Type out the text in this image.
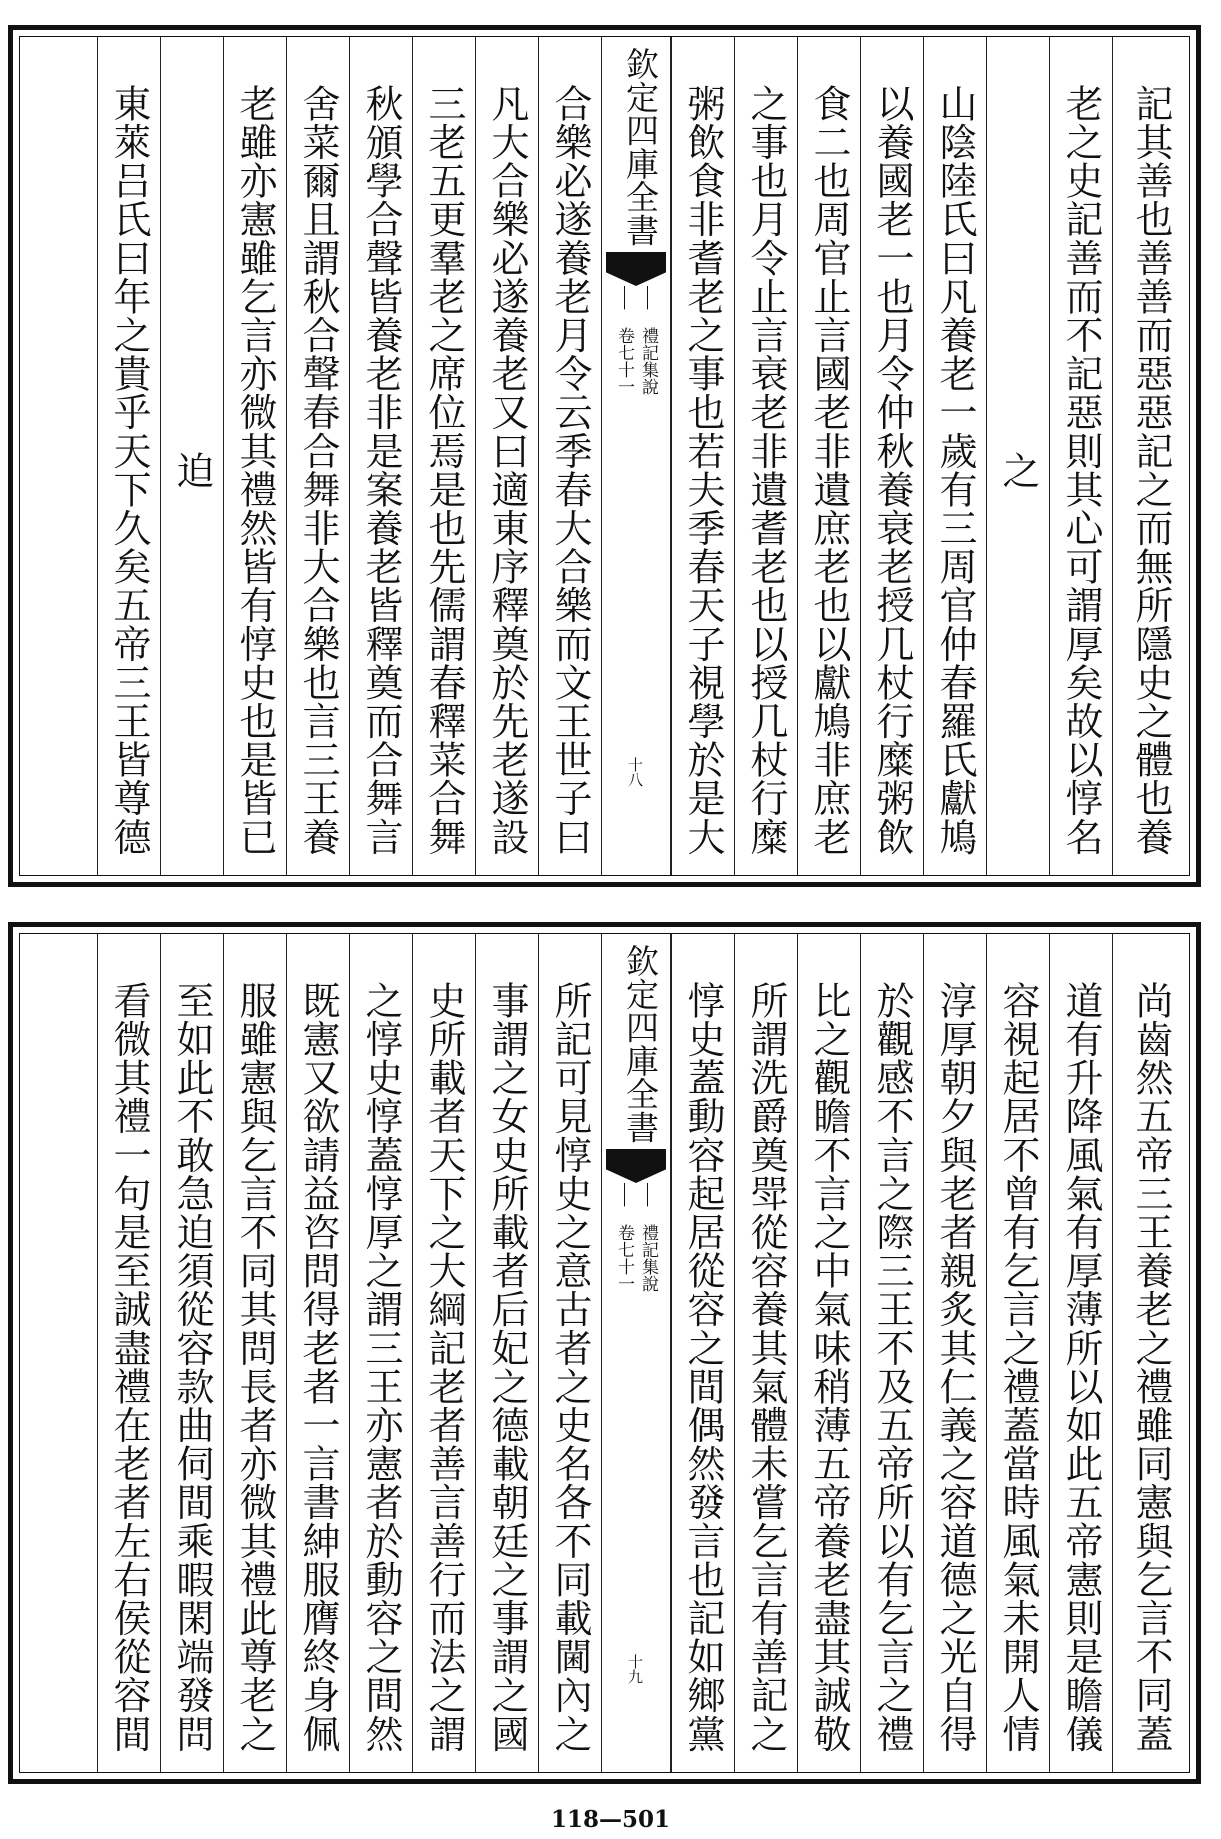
記其善也善善而惡惡記之而無所隱史之體也養
老之史記善而不記惡則其心可謂厚矣故以惇名
之
山陰陸氏曰凡養老一歲有三周官仲春羅氏獻鳩
以養國老一也月令仲秋養衰老授几杖行糜粥飲
食二也周官止言國老非遺庶老也以獻鳩非庶老
之事也月令止言衰老非遺耆老也以授几杖行糜
粥飲食非耆老之事也若夫季春天子視學於是大
欽定四庫全書
禮記集說
卷七十一
十八
合樂必遂養老月令云季春大合樂而文王世子曰
凡大合樂必遂養老又曰適東序釋奠於先老遂設
三老五更羣老之席位焉是也先儒謂春釋菜合舞
秋頒學合聲皆養老非是案養老皆釋奠而合舞言
舍菜爾且謂秋合聲春合舞非大合樂也言三王養
老雖亦憲雖乞言亦微其禮然皆有惇史也是皆已
迫
東萊吕氏曰年之貴乎天下久矣五帝三王皆尊德
尚齒然五帝三王養老之禮雖同憲與乞言不同蓋
道有升降風氣有厚薄所以如此五帝憲則是瞻儀
容視起居不曾有乞言之禮蓋當時風氣未開人情
淳厚朝夕與老者親炙其仁義之容道德之光自得
於觀感不言之際三王不及五帝所以有乞言之禮
比之觀瞻不言之中氣味稍薄五帝養老盡其誠敬
所謂洗爵奠斝從容養其氣體未嘗乞言有善記之
惇史蓋動容起居從容之間偶然發言也記如鄉黨
欽定四庫全書
禮記集說
卷七十一
十九
所記可見惇史之意古者之史名各不同載閫內之
事謂之女史所載者后妃之德載朝廷之事謂之國
史所載者天下之大綱記老者善言善行而法之謂
之惇史惇蓋惇厚之謂三王亦憲者於動容之間然
既憲又欲請益咨問得老者一言書紳服膺終身佩
服雖憲與乞言不同其問長者亦微其禮此尊老之
至如此不敢急迫須從容款曲伺間乘暇閑端發問
看微其禮一句是至誠盡禮在老者左右侯從容間
118—501
